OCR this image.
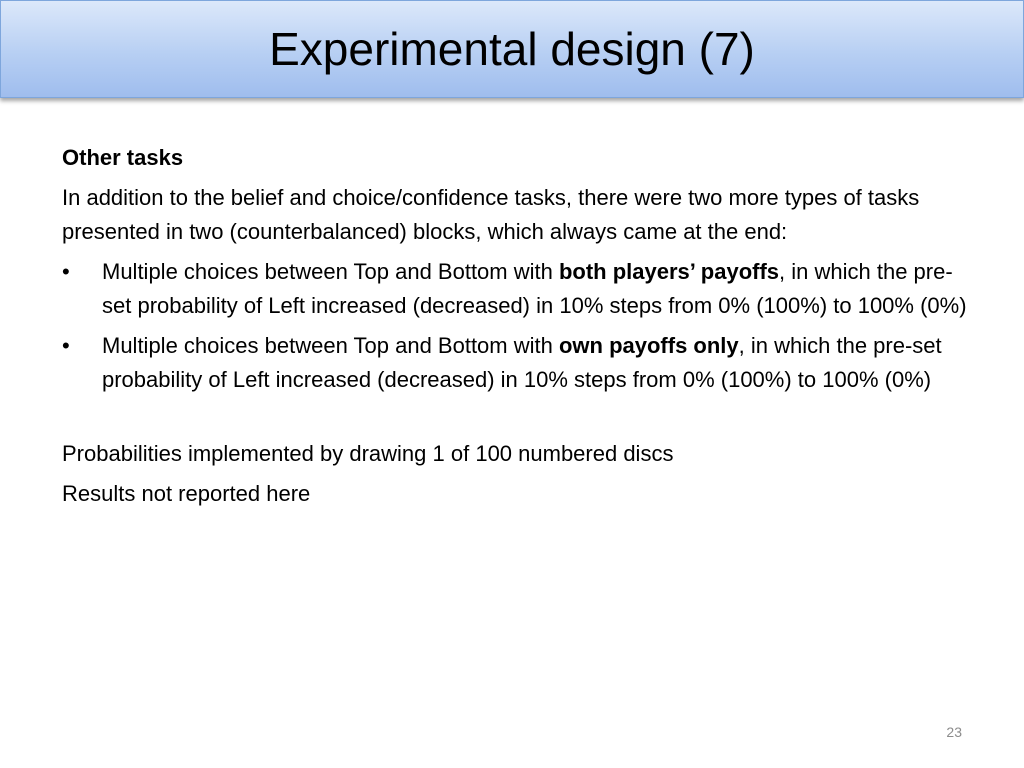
Experimental design (7)

Other tasks

In addition to the belief and choice/confidence tasks, there were two more types of tasks presented in two (counterbalanced) blocks, which always came at the end:

• Multiple choices between Top and Bottom with both players’ payoffs, in which the pre-set probability of Left increased (decreased) in 10% steps from 0% (100%) to 100% (0%)
• Multiple choices between Top and Bottom with own payoffs only, in which the pre-set probability of Left increased (decreased) in 10% steps from 0% (100%) to 100% (0%)

Probabilities implemented by drawing 1 of 100 numbered discs

Results not reported here

23
